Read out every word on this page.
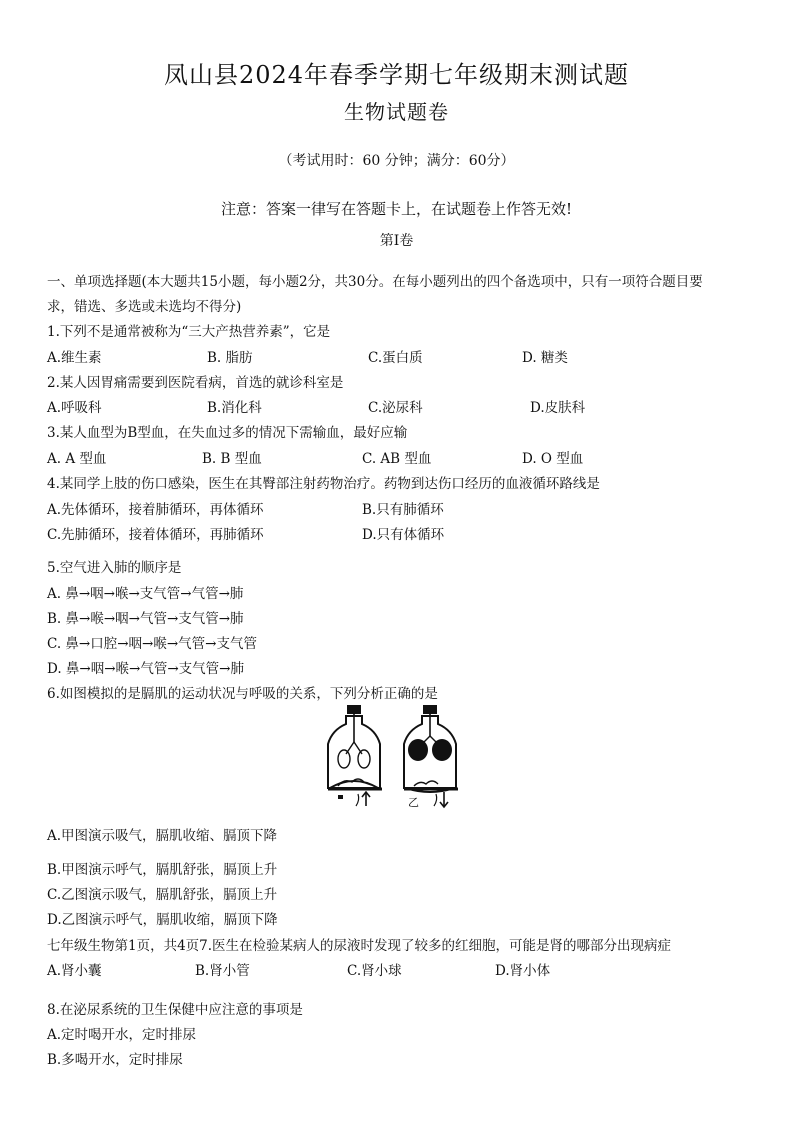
凤山县2024年春季学期七年级期末测试题
生物试题卷
（考试用时：60 分钟；满分：60分）
注意：答案一律写在答题卡上，在试题卷上作答无效!
第Ⅰ卷
一、单项选择题(本大题共15小题，每小题2分，共30分。在每小题列出的四个备选项中，只有一项符合题目要
求，错选、多选或未选均不得分)
1.下列不是通常被称为“三大产热营养素”，它是
A.维生素	B. 脂肪	C.蛋白质	D. 糖类
2.某人因胃痛需要到医院看病，首选的就诊科室是
A.呼吸科	B.消化科	C.泌尿科	D.皮肤科
3.某人血型为B型血，在失血过多的情况下需输血，最好应输
A. A 型血	B. B 型血	C. AB 型血	D. O 型血
4.某同学上肢的伤口感染，医生在其臀部注射药物治疗。药物到达伤口经历的血液循环路线是
A.先体循环，接着肺循环，再体循环	B.只有肺循环
C.先肺循环，接着体循环，再肺循环	D.只有体循环
5.空气进入肺的顺序是
A. 鼻→咽→喉→支气管→气管→肺
B. 鼻→喉→咽→气管→支气管→肺
C. 鼻→口腔→咽→喉→气管→支气管
D. 鼻→咽→喉→气管→支气管→肺
6.如图模拟的是膈肌的运动状况与呼吸的关系，下列分析正确的是
乙
A.甲图演示吸气，膈肌收缩、膈顶下降
B.甲图演示呼气，膈肌舒张，膈顶上升
C.乙图演示吸气，膈肌舒张，膈顶上升
D.乙图演示呼气，膈肌收缩，膈顶下降
七年级生物第1页，共4页7.医生在检验某病人的尿液时发现了较多的红细胞，可能是肾的哪部分出现病症
A.肾小囊	B.肾小管	C.肾小球	D.肾小体
8.在泌尿系统的卫生保健中应注意的事项是
A.定时喝开水，定时排尿
B.多喝开水，定时排尿
